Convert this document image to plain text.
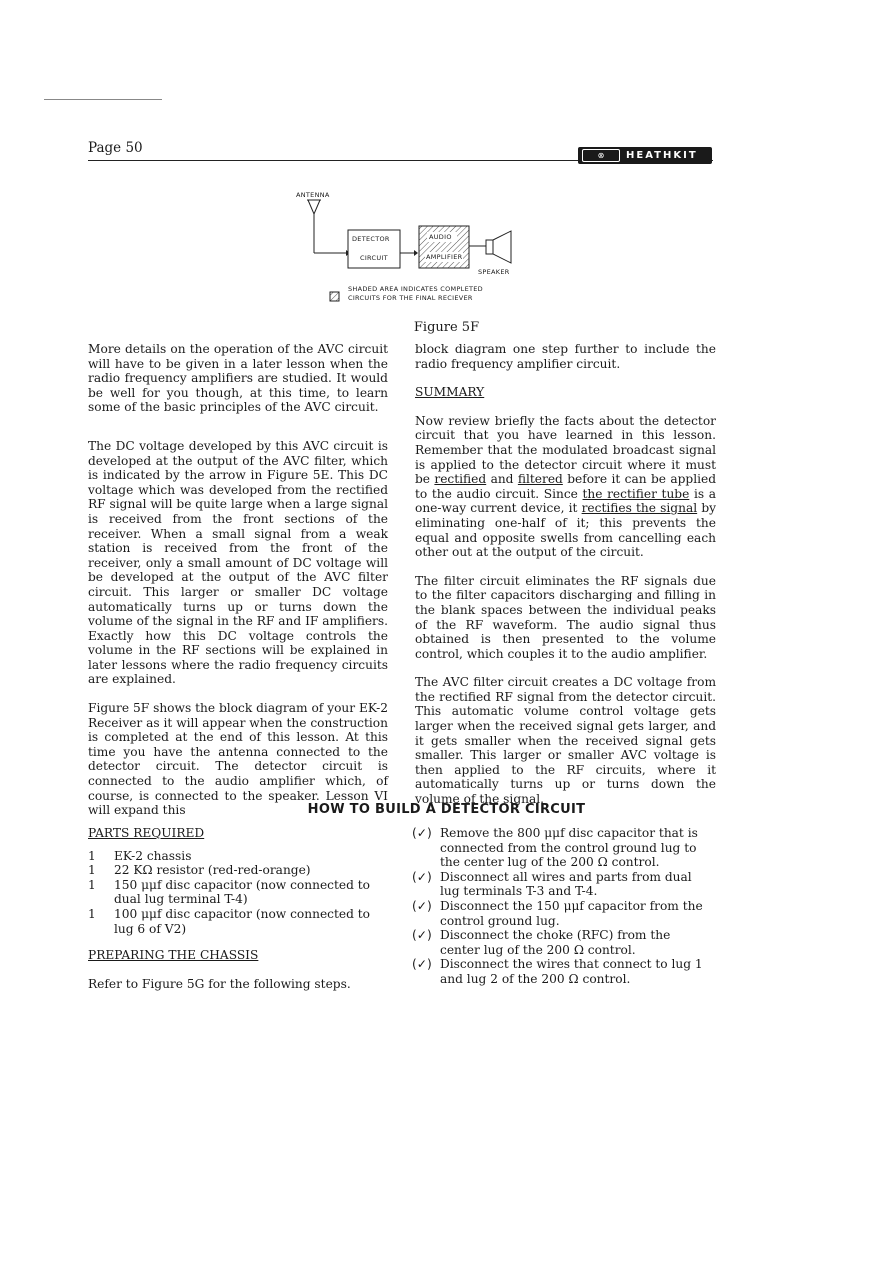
Page 50	⊗	HEATHKIT
ANTENNA
DETECTOR
CIRCUIT
AUDIO
AMPLIFIER
SPEAKER
SHADED AREA INDICATES COMPLETED
CIRCUITS FOR THE FINAL RECIEVER
Figure 5F

More details on the operation of the AVC circuit will have to be given in a later lesson when the radio frequency amplifiers are studied. It would be well for you though, at this time, to learn some of the basic principles of the AVC circuit.

The DC voltage developed by this AVC circuit is developed at the output of the AVC filter, which is indicated by the arrow in Figure 5E. This DC voltage which was developed from the rectified RF signal will be quite large when a large signal is received from the front sections of the receiver. When a small signal from a weak station is received from the front of the receiver, only a small amount of DC voltage will be developed at the output of the AVC filter circuit. This larger or smaller DC voltage automatically turns up or turns down the volume of the signal in the RF and IF amplifiers. Exactly how this DC voltage controls the volume in the RF sections will be explained in later lessons where the radio frequency circuits are explained.

Figure 5F shows the block diagram of your EK-2 Receiver as it will appear when the construction is completed at the end of this lesson. At this time you have the antenna connected to the detector circuit. The detector circuit is connected to the audio amplifier which, of course, is connected to the speaker. Lesson VI will expand this

block diagram one step further to include the radio frequency amplifier circuit.

SUMMARY

Now review briefly the facts about the detector circuit that you have learned in this lesson. Remember that the modulated broadcast signal is applied to the detector circuit where it must be rectified and filtered before it can be applied to the audio circuit. Since the rectifier tube is a one-way current device, it rectifies the signal by eliminating one-half of it; this prevents the equal and opposite swells from cancelling each other out at the output of the circuit.

The filter circuit eliminates the RF signals due to the filter capacitors discharging and filling in the blank spaces between the individual peaks of the RF waveform. The audio signal thus obtained is then presented to the volume control, which couples it to the audio amplifier.

The AVC filter circuit creates a DC voltage from the rectified RF signal from the detector circuit. This automatic volume control voltage gets larger when the received signal gets larger, and it gets smaller when the received signal gets smaller. This larger or smaller AVC voltage is then applied to the RF circuits, where it automatically turns up or turns down the volume of the signal.

HOW TO BUILD A DETECTOR CIRCUIT
PARTS REQUIRED
1	EK-2 chassis
1	22 KΩ resistor (red-red-orange)
1	150 μμf disc capacitor (now connected to dual lug terminal T-4)
1	100 μμf disc capacitor (now connected to lug 6 of V2)
PREPARING THE CHASSIS
Refer to Figure 5G for the following steps.
(✓) Remove the 800 μμf disc capacitor that is connected from the control ground lug to the center lug of the 200 Ω control.
(✓) Disconnect all wires and parts from dual lug terminals T-3 and T-4.
(✓) Disconnect the 150 μμf capacitor from the control ground lug.
(✓) Disconnect the choke (RFC) from the center lug of the 200 Ω control.
(✓) Disconnect the wires that connect to lug 1 and lug 2 of the 200 Ω control.
